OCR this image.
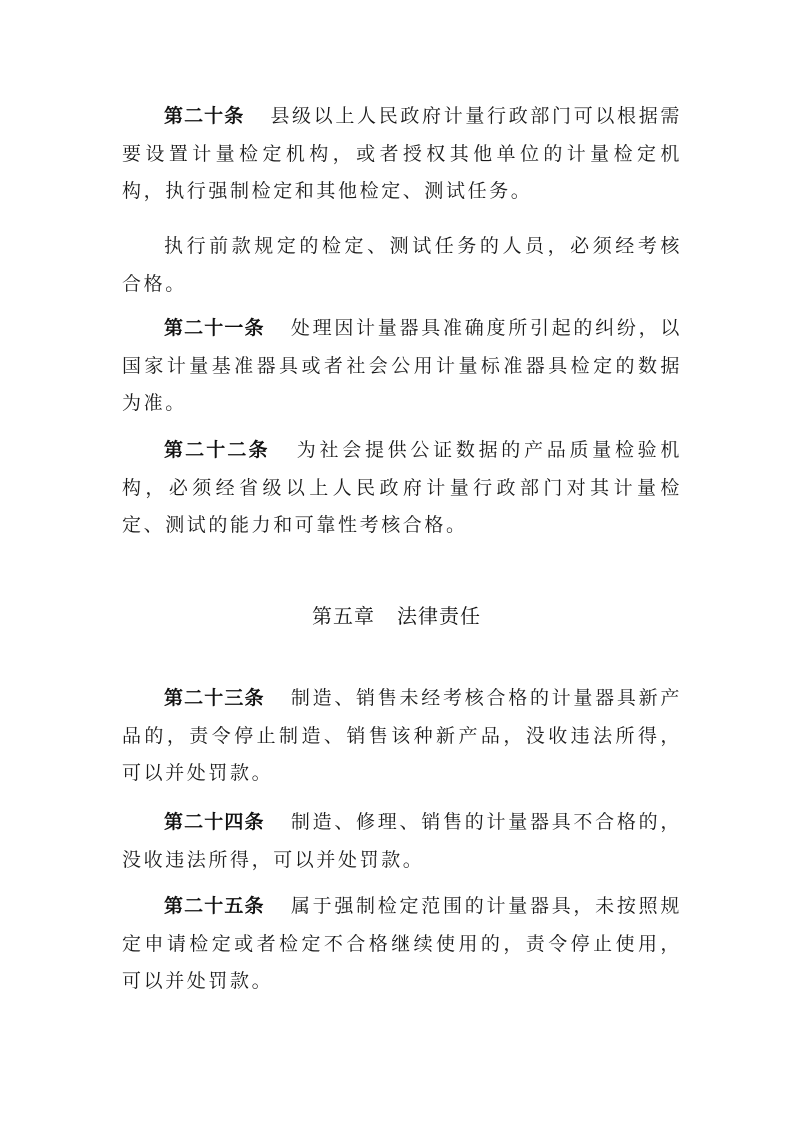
第二十条 县级以上人民政府计量行政部门可以根据需要设置计量检定机构，或者授权其他单位的计量检定机构，执行强制检定和其他检定、测试任务。
执行前款规定的检定、测试任务的人员，必须经考核合格。
第二十一条 处理因计量器具准确度所引起的纠纷，以国家计量基准器具或者社会公用计量标准器具检定的数据为准。
第二十二条 为社会提供公证数据的产品质量检验机构，必须经省级以上人民政府计量行政部门对其计量检定、测试的能力和可靠性考核合格。
第五章 法律责任
第二十三条 制造、销售未经考核合格的计量器具新产品的，责令停止制造、销售该种新产品，没收违法所得，可以并处罚款。
第二十四条 制造、修理、销售的计量器具不合格的，没收违法所得，可以并处罚款。
第二十五条 属于强制检定范围的计量器具，未按照规定申请检定或者检定不合格继续使用的，责令停止使用，可以并处罚款。
